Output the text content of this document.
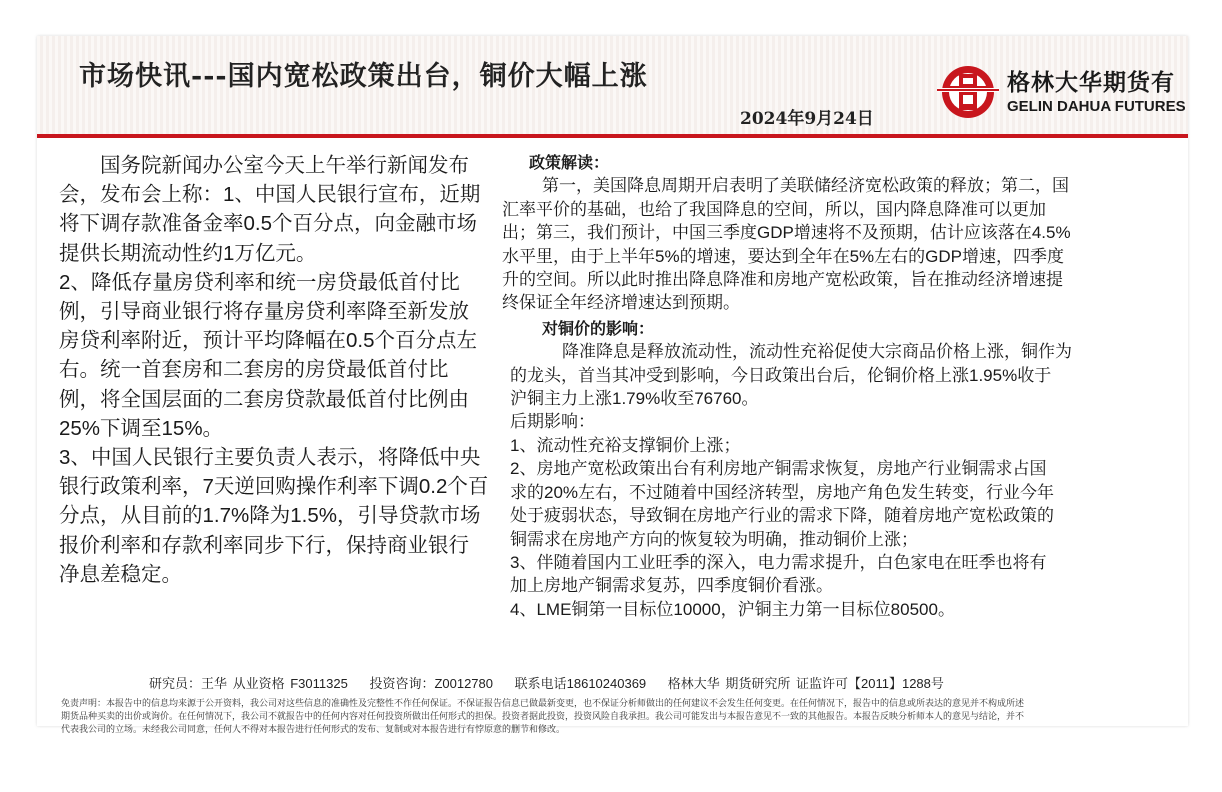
市场快讯---国内宽松政策出台，铜价大幅上涨
2024年9月24日
格林大华期货有
GELIN DAHUA FUTURES

国务院新闻办公室今天上午举行新闻发布会，发布会上称：1、中国人民银行宣布，近期将下调存款准备金率0.5个百分点，向金融市场提供长期流动性约1万亿元。

2、降低存量房贷利率和统一房贷最低首付比例，引导商业银行将存量房贷利率降至新发放房贷利率附近，预计平均降幅在0.5个百分点左右。统一首套房和二套房的房贷最低首付比例，将全国层面的二套房贷款最低首付比例由25%下调至15%。

3、中国人民银行主要负责人表示，将降低中央银行政策利率，7天逆回购操作利率下调0.2个百分点，从目前的1.7%降为1.5%，引导贷款市场报价利率和存款利率同步下行，保持商业银行净息差稳定。

政策解读：

第一，美国降息周期开启表明了美联储经济宽松政策的释放；第二，国

汇率平价的基础，也给了我国降息的空间，所以，国内降息降准可以更加

出；第三，我们预计，中国三季度GDP增速将不及预期，估计应该落在4.5%

水平里，由于上半年5%的增速，要达到全年在5%左右的GDP增速，四季度

升的空间。所以此时推出降息降准和房地产宽松政策，旨在推动经济增速提

终保证全年经济增速达到预期。

对铜价的影响：

降准降息是释放流动性，流动性充裕促使大宗商品价格上涨，铜作为

的龙头，首当其冲受到影响，今日政策出台后，伦铜价格上涨1.95%收于

沪铜主力上涨1.79%收至76760。

后期影响：

1、流动性充裕支撑铜价上涨；

2、房地产宽松政策出台有利房地产铜需求恢复，房地产行业铜需求占国

求的20%左右，不过随着中国经济转型，房地产角色发生转变，行业今年

处于疲弱状态，导致铜在房地产行业的需求下降，随着房地产宽松政策的

铜需求在房地产方向的恢复较为明确，推动铜价上涨；

3、伴随着国内工业旺季的深入，电力需求提升，白色家电在旺季也将有

加上房地产铜需求复苏，四季度铜价看涨。

4、LME铜第一目标位10000，沪铜主力第一目标位80500。

研究员：王华 从业资格 F3011325 投资咨询：Z0012780 联系电话18610240369 格林大华 期货研究所 证监许可【2011】1288号

免责声明：本报告中的信息均来源于公开资料，我公司对这些信息的准确性及完整性不作任何保证。不保证报告信息已做最新变更，也不保证分析师做出的任何建议不会发生任何变更。在任何情况下，报告中的信息或所表达的意见并不构成所述

期货品种买卖的出价或询价。在任何情况下，我公司不就报告中的任何内容对任何投资所做出任何形式的担保。投资者据此投资，投资风险自我承担。我公司可能发出与本报告意见不一致的其他报告。本报告反映分析师本人的意见与结论，并不

代表我公司的立场。未经我公司同意，任何人不得对本报告进行任何形式的发布、复制或对本报告进行有悖原意的删节和修改。
